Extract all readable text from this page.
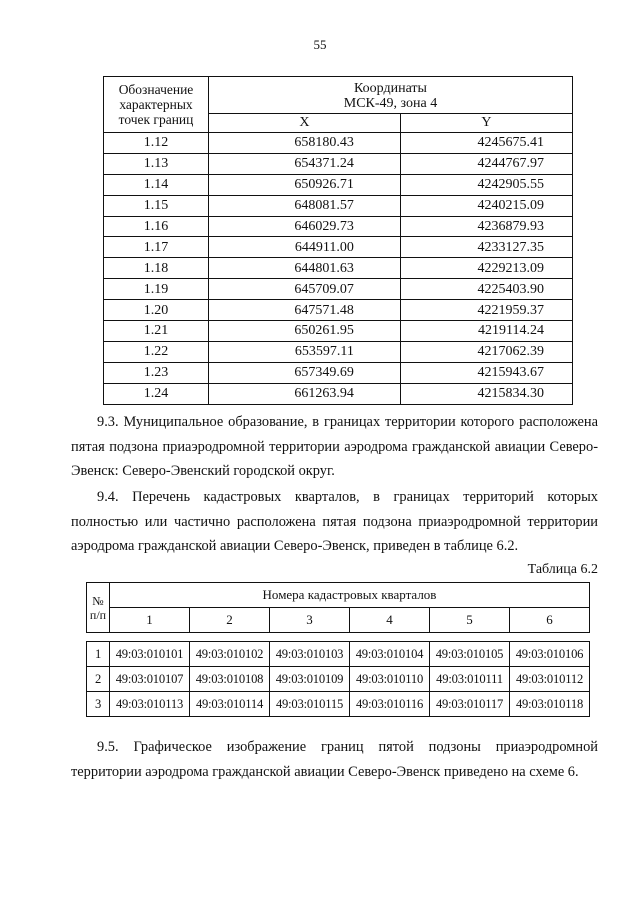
55
Обозначение характерных точек границ	Координаты
МСК-49, зона 4	
	X	Y
1.12	658180.43	4245675.41
1.13	654371.24	4244767.97
1.14	650926.71	4242905.55
1.15	648081.57	4240215.09
1.16	646029.73	4236879.93
1.17	644911.00	4233127.35
1.18	644801.63	4229213.09
1.19	645709.07	4225403.90
1.20	647571.48	4221959.37
1.21	650261.95	4219114.24
1.22	653597.11	4217062.39
1.23	657349.69	4215943.67
1.24	661263.94	4215834.30
9.3. Муниципальное образование, в границах территории которого расположена пятая подзона приаэродромной территории аэродрома гражданской авиации Северо-Эвенск: Северо-Эвенский городской округ.
9.4. Перечень кадастровых кварталов, в границах территорий которых полностью или частично расположена пятая подзона приаэродромной территории аэродрома гражданской авиации Северо-Эвенск, приведен в таблице 6.2.
Таблица 6.2
№ п/п	Номера кадастровых кварталов					
	1	2	3	4	5	6

1	49:03:010101	49:03:010102	49:03:010103	49:03:010104	49:03:010105	49:03:010106
2	49:03:010107	49:03:010108	49:03:010109	49:03:010110	49:03:010111	49:03:010112
3	49:03:010113	49:03:010114	49:03:010115	49:03:010116	49:03:010117	49:03:010118
9.5. Графическое изображение границ пятой подзоны приаэродромной территории аэродрома гражданской авиации Северо-Эвенск приведено на схеме 6.
